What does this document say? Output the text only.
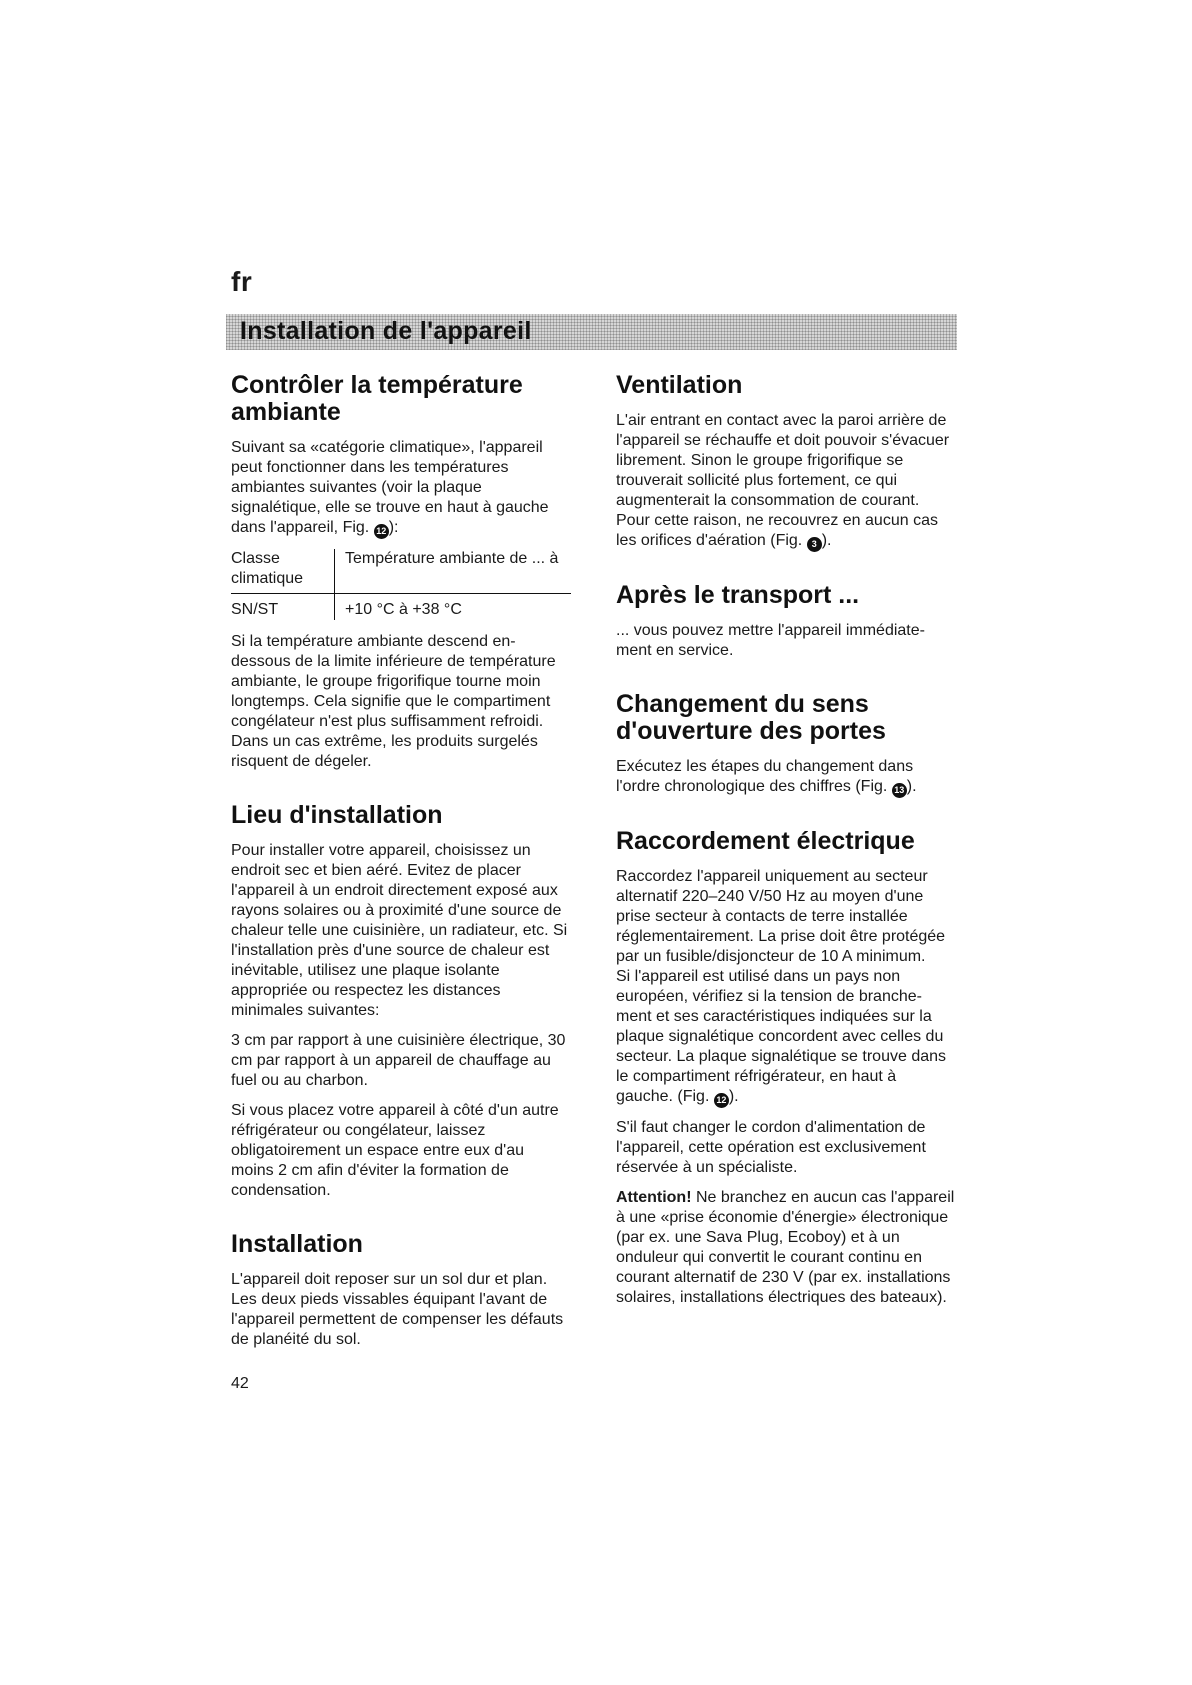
fr
Installation de l'appareil
Contrôler la température ambiante

Suivant sa «catégorie climatique», l'appareil peut fonctionner dans les températures ambiantes suivantes (voir la plaque signalétique, elle se trouve en haut à gauche dans l'appareil, Fig. 12 ):

Classe climatique	Température ambiante de ... à
SN/ST	+10 °C à +38 °C

Si la température ambiante descend en-dessous de la limite inférieure de température ambiante, le groupe frigorifique tourne moin longtemps. Cela signifie que le compartiment congélateur n'est plus suffisamment refroidi. Dans un cas extrême, les produits surgelés risquent de dégeler.

Lieu d'installation

Pour installer votre appareil, choisissez un endroit sec et bien aéré. Evitez de placer l'appareil à un endroit directement exposé aux rayons solaires ou à proximité d'une source de chaleur telle une cuisinière, un radiateur, etc. Si l'installation près d'une source de chaleur est inévitable, utilisez une plaque isolante appropriée ou respectez les distances minimales suivantes:

3 cm par rapport à une cuisinière électrique, 30 cm par rapport à un appareil de chauffage au fuel ou au charbon.

Si vous placez votre appareil à côté d'un autre réfrigérateur ou congélateur, laissez obligatoirement un espace entre eux d'au moins 2 cm afin d'éviter la formation de condensation.

Installation

L'appareil doit reposer sur un sol dur et plan. Les deux pieds vissables équipant l'avant de l'appareil permettent de compenser les défauts de planéité du sol.

Ventilation

L'air entrant en contact avec la paroi arrière de l'appareil se réchauffe et doit pouvoir s'évacuer librement. Sinon le groupe frigorifique se trouverait sollicité plus fortement, ce qui augmenterait la consommation de courant. Pour cette raison, ne recouvrez en aucun cas les orifices d'aération (Fig. 3 ).

Après le transport ...

... vous pouvez mettre l'appareil immédiate-ment en service.

Changement du sens d'ouverture des portes

Exécutez les étapes du changement dans l'ordre chronologique des chiffres (Fig. 13 ).

Raccordement électrique

Raccordez l'appareil uniquement au secteur alternatif 220–240 V/50 Hz au moyen d'une prise secteur à contacts de terre installée réglementairement. La prise doit être protégée par un fusible/disjoncteur de 10 A minimum.
Si l'appareil est utilisé dans un pays non européen, vérifiez si la tension de branche-ment et ses caractéristiques indiquées sur la plaque signalétique concordent avec celles du secteur. La plaque signalétique se trouve dans le compartiment réfrigérateur, en haut à gauche. (Fig. 12 ).

S'il faut changer le cordon d'alimentation de l'appareil, cette opération est exclusivement réservée à un spécialiste.

Attention! Ne branchez en aucun cas l'appareil à une «prise économie d'énergie» électronique (par ex. une Sava Plug, Ecoboy) et à un onduleur qui convertit le courant continu en courant alternatif de 230 V (par ex. installations solaires, installations électriques des bateaux).

42
